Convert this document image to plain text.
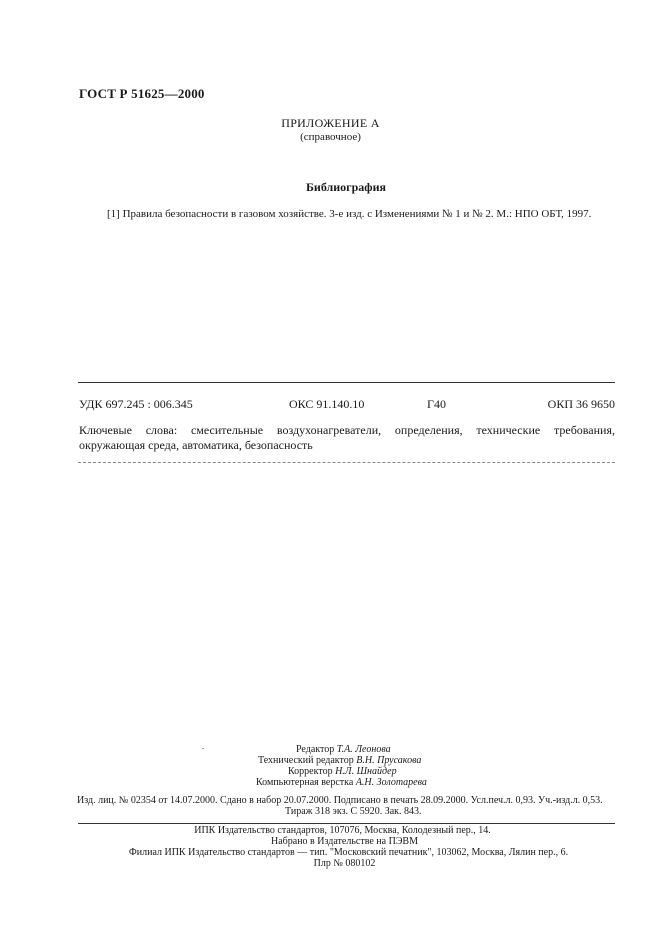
ГОСТ Р 51625—2000
ПРИЛОЖЕНИЕ А
(справочное)
Библиография
[1] Правила безопасности в газовом хозяйстве. 3-е изд. с Изменениями № 1 и № 2. М.: НПО ОБТ, 1997.
УДК 697.245 : 006.345	ОКС 91.140.10	Г40	ОКП 36 9650
Ключевые слова: смесительные воздухонагреватели, определения, технические требования, окружающая среда, автоматика, безопасность
Редактор Т.А. Леонова
Технический редактор В.Н. Прусакова
Корректор Н.Л. Шнайдер
Компьютерная верстка А.Н. Золотарева
Изд. лиц. № 02354 от 14.07.2000. Сдано в набор 20.07.2000. Подписано в печать 28.09.2000. Усл.печ.л. 0,93. Уч.-изд.л. 0,53.
Тираж 318 экз. С 5920. Зак. 843.
ИПК Издательство стандартов, 107076, Москва, Колодезный пер., 14.
Набрано в Издательстве на ПЭВМ
Филиал ИПК Издательство стандартов — тип. "Московский печатник", 103062, Москва, Лялин пер., 6.
Плр № 080102
